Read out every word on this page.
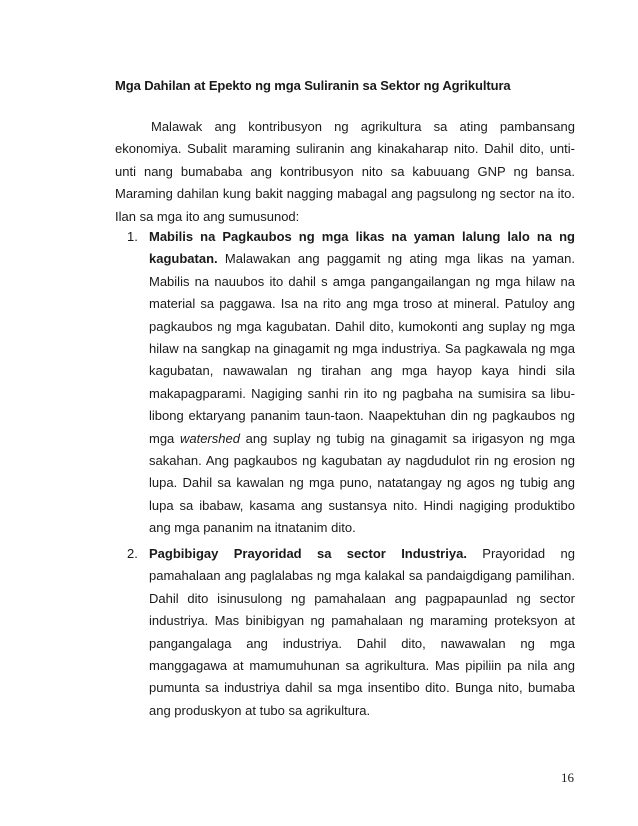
Mga Dahilan at Epekto ng mga Suliranin sa Sektor ng Agrikultura

Malawak ang kontribusyon ng agrikultura sa ating pambansang ekonomiya. Subalit maraming suliranin ang kinakaharap nito. Dahil dito, unti-unti nang bumababa ang kontribusyon nito sa kabuuang GNP ng bansa. Maraming dahilan kung bakit nagging mabagal ang pagsulong ng sector na ito. Ilan sa mga ito ang sumusunod:

1. Mabilis na Pagkaubos ng mga likas na yaman lalung lalo na ng kagubatan. Malawakan ang paggamit ng ating mga likas na yaman. Mabilis na nauubos ito dahil s amga pangangailangan ng mga hilaw na material sa paggawa. Isa na rito ang mga troso at mineral. Patuloy ang pagkaubos ng mga kagubatan. Dahil dito, kumokonti ang suplay ng mga hilaw na sangkap na ginagamit ng mga industriya. Sa pagkawala ng mga kagubatan, nawawalan ng tirahan ang mga hayop kaya hindi sila makapagparami. Nagiging sanhi rin ito ng pagbaha na sumisira sa libu-libong ektaryang pananim taun-taon. Naapektuhan din ng pagkaubos ng mga watershed ang suplay ng tubig na ginagamit sa irigasyon ng mga sakahan. Ang pagkaubos ng kagubatan ay nagdudulot rin ng erosion ng lupa. Dahil sa kawalan ng mga puno, natatangay ng agos ng tubig ang lupa sa ibabaw, kasama ang sustansya nito. Hindi nagiging produktibo ang mga pananim na itnatanim dito.

2. Pagbibigay Prayoridad sa sector Industriya. Prayoridad ng pamahalaan ang paglalabas ng mga kalakal sa pandaigdigang pamilihan. Dahil dito isinusulong ng pamahalaan ang pagpapaunlad ng sector industriya. Mas binibigyan ng pamahalaan ng maraming proteksyon at pangangalaga ang industriya. Dahil dito, nawawalan ng mga manggagawa at mamumuhunan sa agrikultura. Mas pipiliin pa nila ang pumunta sa industriya dahil sa mga insentibo dito. Bunga nito, bumaba ang produskyon at tubo sa agrikultura.

16
